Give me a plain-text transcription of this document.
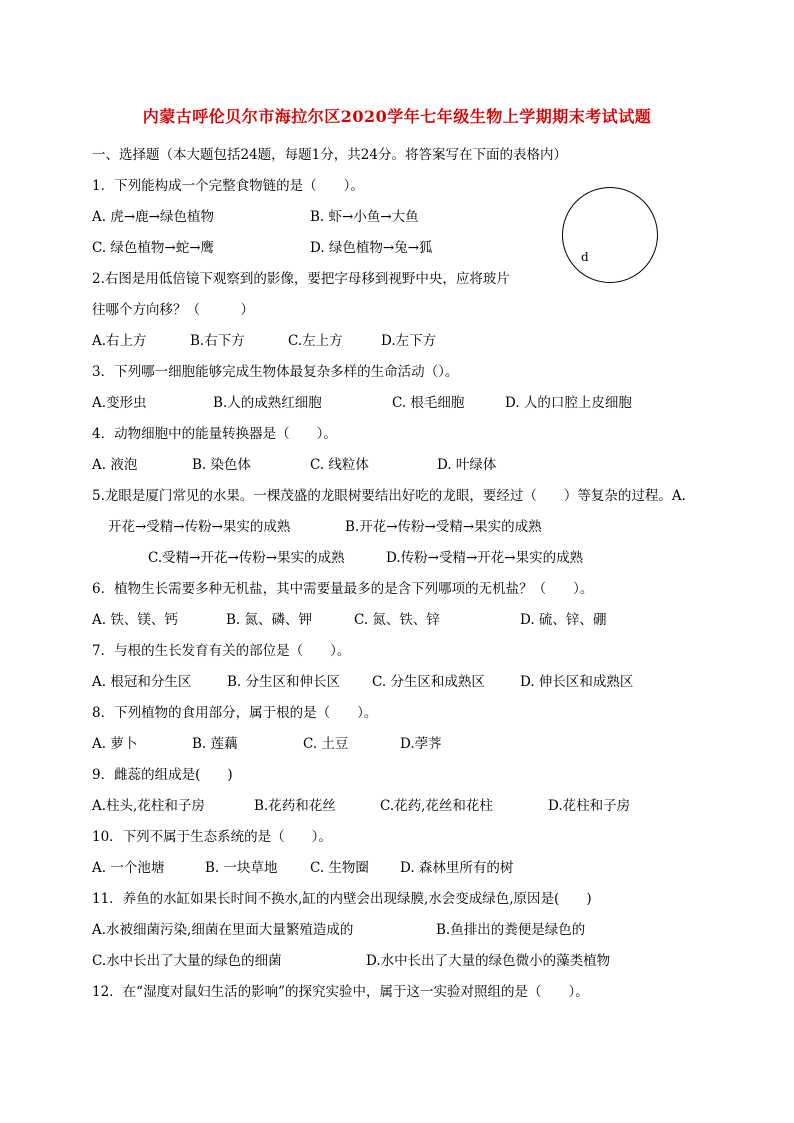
内蒙古呼伦贝尔市海拉尔区2020学年七年级生物上学期期末考试试题
一、选择题（本大题包括24题，每题1分，共24分。将答案写在下面的表格内）
1．下列能构成一个完整食物链的是（　　）。
A. 虎→鹿→绿色植物	B. 虾→小鱼→大鱼
C. 绿色植物→蛇→鹰	D. 绿色植物→兔→狐
d
2.右图是用低倍镜下观察到的影像，要把字母移到视野中央，应将玻片
往哪个方向移？（　　　）
A.右上方	B.右下方	C.左上方	D.左下方
3．下列哪一细胞能够完成生物体最复杂多样的生命活动（）。
A.变形虫	B.人的成熟红细胞	C. 根毛细胞	D. 人的口腔上皮细胞
4．动物细胞中的能量转换器是（　　）。
A. 液泡	B. 染色体	C. 线粒体	D. 叶绿体
5.龙眼是厦门常见的水果。一棵茂盛的龙眼树要结出好吃的龙眼，要经过（　　）等复杂的过程。A.
开花→受精→传粉→果实的成熟	B.开花→传粉→受精→果实的成熟
C.受精→开花→传粉→果实的成熟	D.传粉→受精→开花→果实的成熟
6．植物生长需要多种无机盐，其中需要量最多的是含下列哪项的无机盐？（　　）。
A. 铁、镁、钙	B. 氮、磷、钾	C. 氮、铁、锌	D. 硫、锌、硼
7．与根的生长发育有关的部位是（　　）。
A. 根冠和分生区	B. 分生区和伸长区 C. 分生区和成熟区	D. 伸长区和成熟区
8．下列植物的食用部分，属于根的是（　　）。
A. 萝卜	B. 莲藕	C. 土豆	D.荸荠
9．雌蕊的组成是(　　)
A.柱头,花柱和子房	B.花药和花丝	C.花药,花丝和花柱	D.花柱和子房
10．下列不属于生态系统的是（　　）。
A. 一个池塘	B. 一块草地 C. 生物圈 D. 森林里所有的树
11．养鱼的水缸如果长时间不换水,缸的内壁会出现绿膜,水会变成绿色,原因是(　　)
A.水被细菌污染,细菌在里面大量繁殖造成的	B.鱼排出的粪便是绿色的
C.水中长出了大量的绿色的细菌	D.水中长出了大量的绿色微小的藻类植物
12．在“湿度对鼠妇生活的影响”的探究实验中，属于这一实验对照组的是（　　）。
